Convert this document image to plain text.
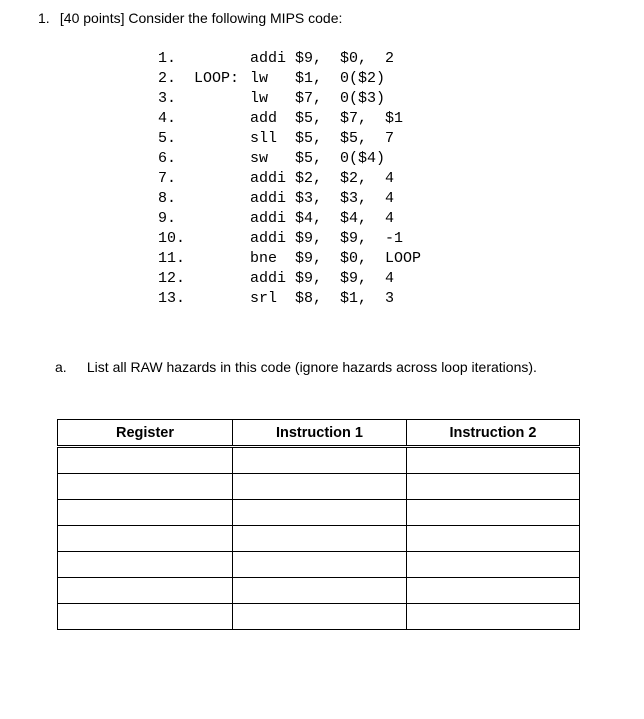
1. [40 points] Consider the following MIPS code:
1.	addi $9,  $0,  2
2.	LOOP: lw   $1,  0($2)
3.	lw   $7,  0($3)
4.	add  $5,  $7,  $1
5.	sll  $5,  $5,  7
6.	sw   $5,  0($4)
7.	addi $2,  $2,  4
8.	addi $3,  $3,  4
9.	addi $4,  $4,  4
10.	addi $9,  $9,  -1
11.	bne  $9,  $0,  LOOP
12.	addi $9,  $9,  4
13.	srl  $8,  $1,  3
a. List all RAW hazards in this code (ignore hazards across loop iterations).
Register	Instruction 1	Instruction 2
